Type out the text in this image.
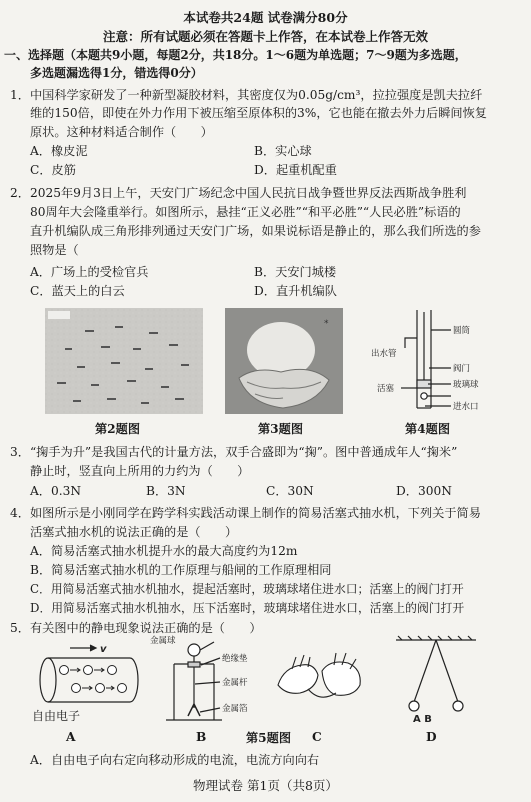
本试卷共24题 试卷满分80分
注意：所有试题必须在答题卡上作答，在本试卷上作答无效
一、选择题（本题共9小题，每题2分，共18分。1～6题为单选题；7～9题为多选题，
多选题漏选得1分，错选得0分）
1．中国科学家研发了一种新型凝胶材料，其密度仅为0.05g/cm³，拉拉强度是凯夫拉纤
维的150倍，即使在外力作用下被压缩至原体积的3%，它也能在撤去外力后瞬间恢复
原状。这种材料适合制作（　　）
A．橡皮泥	B．实心球
C．皮筋	D．起重机配重
2．2025年9月3日上午，天安门广场纪念中国人民抗日战争暨世界反法西斯战争胜利
80周年大会隆重举行。如图所示，悬挂“正义必胜”“和平必胜”“人民必胜”标语的
直升机编队成三角形排列通过天安门广场，如果说标语是静止的，那么我们所选的参
照物是（
A．广场上的受检官兵	B．天安门城楼
C．蓝天上的白云	D．直升机编队
*
出水管
圆筒
阀门
玻璃球
活塞
进水口
第2题图	第3题图	第4题图
3．“掬手为升”是我国古代的计量方法，双手合盛即为“掬”。图中普通成年人“掬米”
静止时，竖直向上所用的力约为（　　）
A．0.3N	B．3N	C．30N	D．300N
4．如图所示是小刚同学在跨学科实践活动课上制作的简易活塞式抽水机，下列关于简易
活塞式抽水机的说法正确的是（　　）
A．简易活塞式抽水机提升水的最大高度约为12m
B．简易活塞式抽水机的工作原理与船闸的工作原理相同
C．用简易活塞式抽水机抽水，提起活塞时，玻璃球堵住进水口；活塞上的阀门打开
D．用简易活塞式抽水机抽水，压下活塞时，玻璃球堵住进水口，活塞上的阀门打开
5．有关图中的静电现象说法正确的是（　　）
v
自由电子
A
金属球
绝缘垫
金属杆
金属箔
B	C
A B
D
第5题图
A．自由电子向右定向移动形成的电流，电流方向向右
物理试卷 第1页（共8页）
